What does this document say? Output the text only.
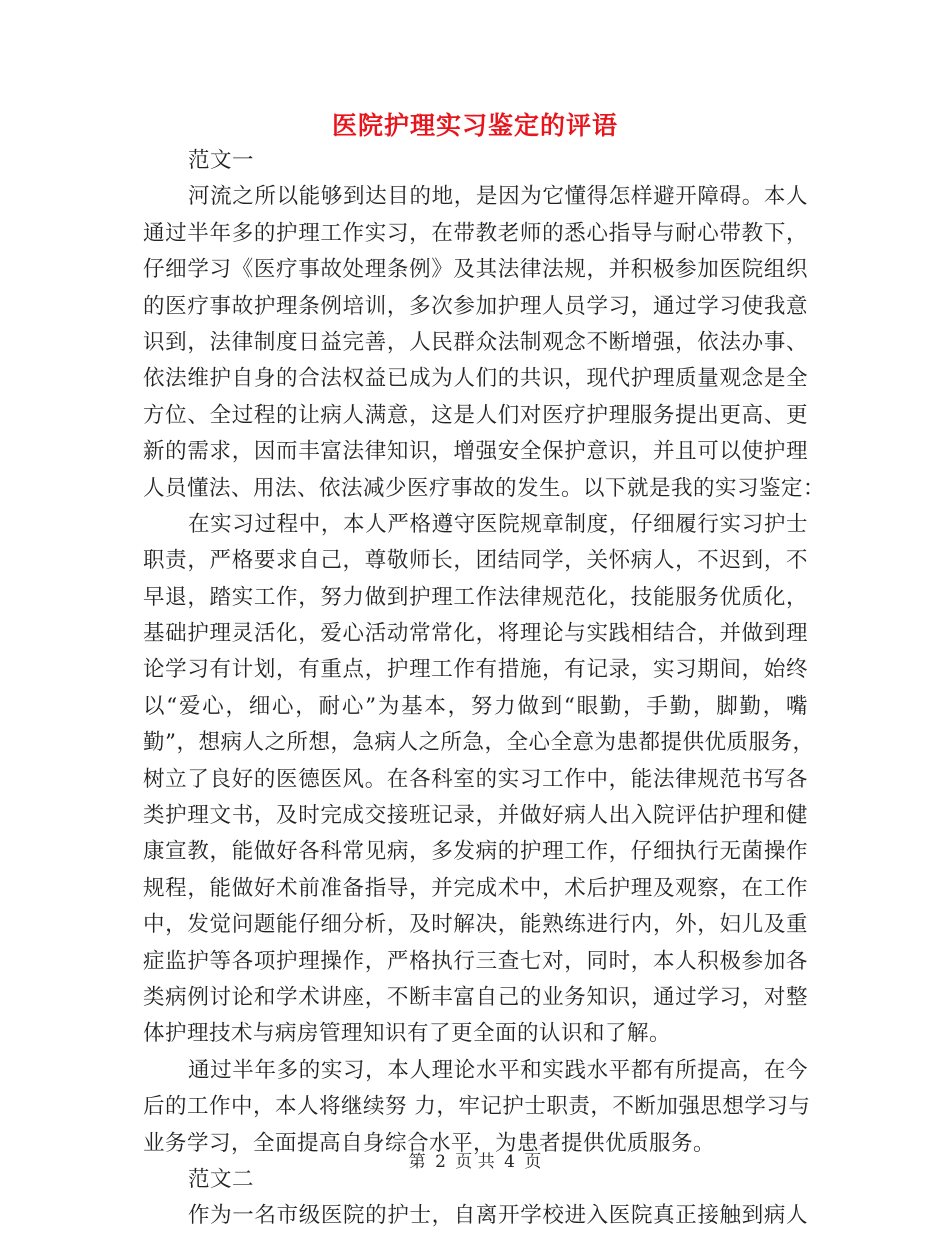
医院护理实习鉴定的评语
范文一
河流之所以能够到达目的地，是因为它懂得怎样避开障碍。本人
通过半年多的护理工作实习，在带教老师的悉心指导与耐心带教下，
仔细学习《医疗事故处理条例》及其法律法规，并积极参加医院组织
的医疗事故护理条例培训，多次参加护理人员学习，通过学习使我意
识到，法律制度日益完善，人民群众法制观念不断增强，依法办事、
依法维护自身的合法权益已成为人们的共识，现代护理质量观念是全
方位、全过程的让病人满意，这是人们对医疗护理服务提出更高、更
新的需求，因而丰富法律知识，增强安全保护意识，并且可以使护理
人员懂法、用法、依法减少医疗事故的发生。以下就是我的实习鉴定：
在实习过程中，本人严格遵守医院规章制度，仔细履行实习护士
职责，严格要求自己，尊敬师长，团结同学，关怀病人，不迟到，不
早退，踏实工作，努力做到护理工作法律规范化，技能服务优质化，
基础护理灵活化，爱心活动常常化，将理论与实践相结合，并做到理
论学习有计划，有重点，护理工作有措施，有记录，实习期间，始终
以“爱心，细心，耐心”为基本，努力做到“眼勤，手勤，脚勤，嘴
勤”，想病人之所想，急病人之所急，全心全意为患都提供优质服务，
树立了良好的医德医风。在各科室的实习工作中，能法律规范书写各
类护理文书，及时完成交接班记录，并做好病人出入院评估护理和健
康宣教，能做好各科常见病，多发病的护理工作，仔细执行无菌操作
规程，能做好术前准备指导，并完成术中，术后护理及观察，在工作
中，发觉问题能仔细分析，及时解决，能熟练进行内，外，妇儿及重
症监护等各项护理操作，严格执行三查七对，同时，本人积极参加各
类病例讨论和学术讲座，不断丰富自己的业务知识，通过学习，对整
体护理技术与病房管理知识有了更全面的认识和了解。
通过半年多的实习，本人理论水平和实践水平都有所提高，在今
后的工作中，本人将继续努 力，牢记护士职责，不断加强思想学习与
业务学习，全面提高自身综合水平，为患者提供优质服务。
范文二
作为一名市级医院的护士，自离开学校进入医院真正接触到病人
第 2 页 共 4 页
